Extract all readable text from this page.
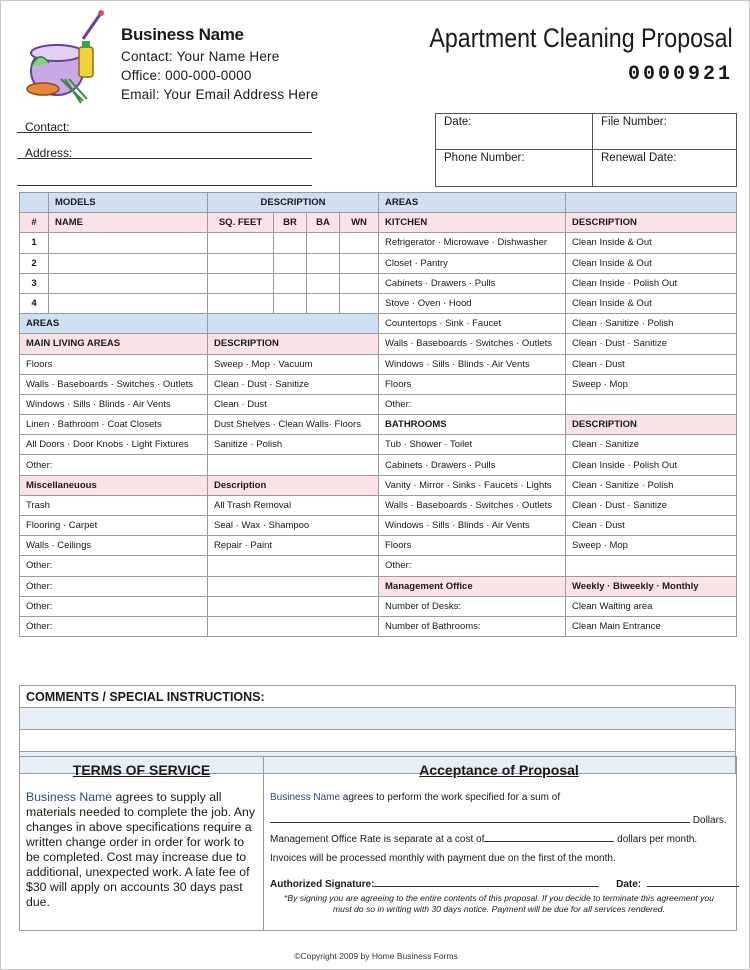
Business Name
Contact: Your Name Here
Office: 000-000-0000
Email: Your Email Address Here
Apartment Cleaning Proposal
0000921
Contact:
Address:
Date:	File Number:
Phone Number:	Renewal Date:
	MODELS	DESCRIPTION				AREAS	
#	NAME	SQ. FEET	BR	BA	WN	KITCHEN	DESCRIPTION
1						Refrigerator · Microwave · Dishwasher	Clean Inside & Out
2						Closet · Pantry	Clean Inside & Out
3						Cabinets · Drawers · Pulls	Clean Inside · Polish Out
4						Stove · Oven · Hood	Clean Inside & Out
AREAS						Countertops · Sink · Faucet	Clean · Sanitize · Polish
MAIN LIVING AREAS		DESCRIPTION				Walls · Baseboards · Switches · Outlets	Clean · Dust · Sanitize
Floors		Sweep · Mop · Vacuum				Windows · Sills · Blinds · Air Vents	Clean · Dust
Walls · Baseboards · Switches · Outlets		Clean · Dust · Sanitize				Floors	Sweep · Mop
Windows · Sills · Blinds · Air Vents		Clean · Dust				Other:	
Linen · Bathroom · Coat Closets		Dust Shelves · Clean Walls· Floors				BATHROOMS	DESCRIPTION
All Doors · Door Knobs · Light Fixtures		Sanitize · Polish				Tub · Shower · Toilet	Clean · Sanitize
Other:						Cabinets · Drawers · Pulls	Clean Inside · Polish Out
Miscellaneuous		Description				Vanity · Mirror · Sinks · Faucets · Lights	Clean · Sanitize · Polish
Trash		All Trash Removal				Walls · Baseboards · Switches · Outlets	Clean · Dust · Sanitize
Flooring · Carpet		Seal · Wax · Shampoo				Windows · Sills · Blinds · Air Vents	Clean · Dust
Walls · Ceilings		Repair · Paint				Floors	Sweep · Mop
Other:						Other:	
Other:						Management Office	Weekly · Biweekly · Monthly
Other:						Number of Desks:	Clean Waiting area
Other:						Number of Bathrooms:	Clean Main Entrance
COMMENTS / SPECIAL INSTRUCTIONS:

TERMS OF SERVICE

Business Name agrees to supply all materials needed to complete the job. Any changes in above specifications require a written change order in order for work to be completed. Cost may increase due to additional, unexpected work. A late fee of $30 will apply on accounts 30 days past due.

Acceptance of Proposal
Business Name agrees to perform the work specified for a sum of
Dollars.
Management Office Rate is separate at a cost of	dollars per month.
Invoices will be processed monthly with payment due on the first of the month.
Authorized Signature:	Date:
*By signing you are agreeing to the entire contents of this proposal. If you decide to terminate this agreement you
must do so in writing with 30 days notice. Payment will be due for all services rendered.
©Copyright 2009 by Home Business Forms
